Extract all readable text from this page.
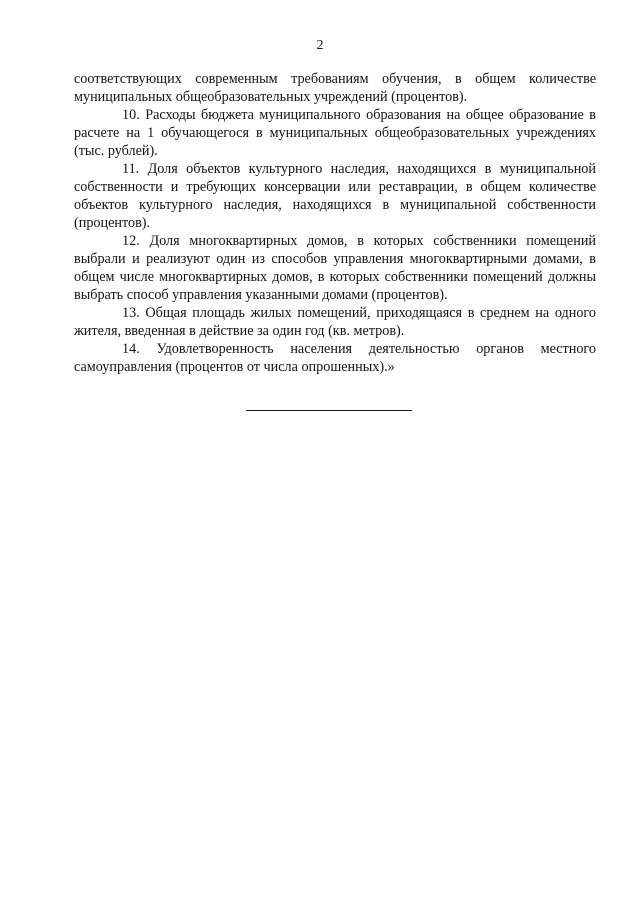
2

соответствующих современным требованиям обучения, в общем количестве муниципальных общеобразовательных учреждений (процентов).

10. Расходы бюджета муниципального образования на общее образование в расчете на 1 обучающегося в муниципальных общеобразовательных учреждениях (тыс. рублей).

11. Доля объектов культурного наследия, находящихся в муниципальной собственности и требующих консервации или реставрации, в общем количестве объектов культурного наследия, находящихся в муниципальной собственности (процентов).

12. Доля многоквартирных домов, в которых собственники помещений выбрали и реализуют один из способов управления многоквартирными домами, в общем числе многоквартирных домов, в которых собственники помещений должны выбрать способ управления указанными домами (процентов).

13. Общая площадь жилых помещений, приходящаяся в среднем на одного жителя, введенная в действие за один год (кв. метров).

14. Удовлетворенность населения деятельностью органов местного самоуправления (процентов от числа опрошенных).»
